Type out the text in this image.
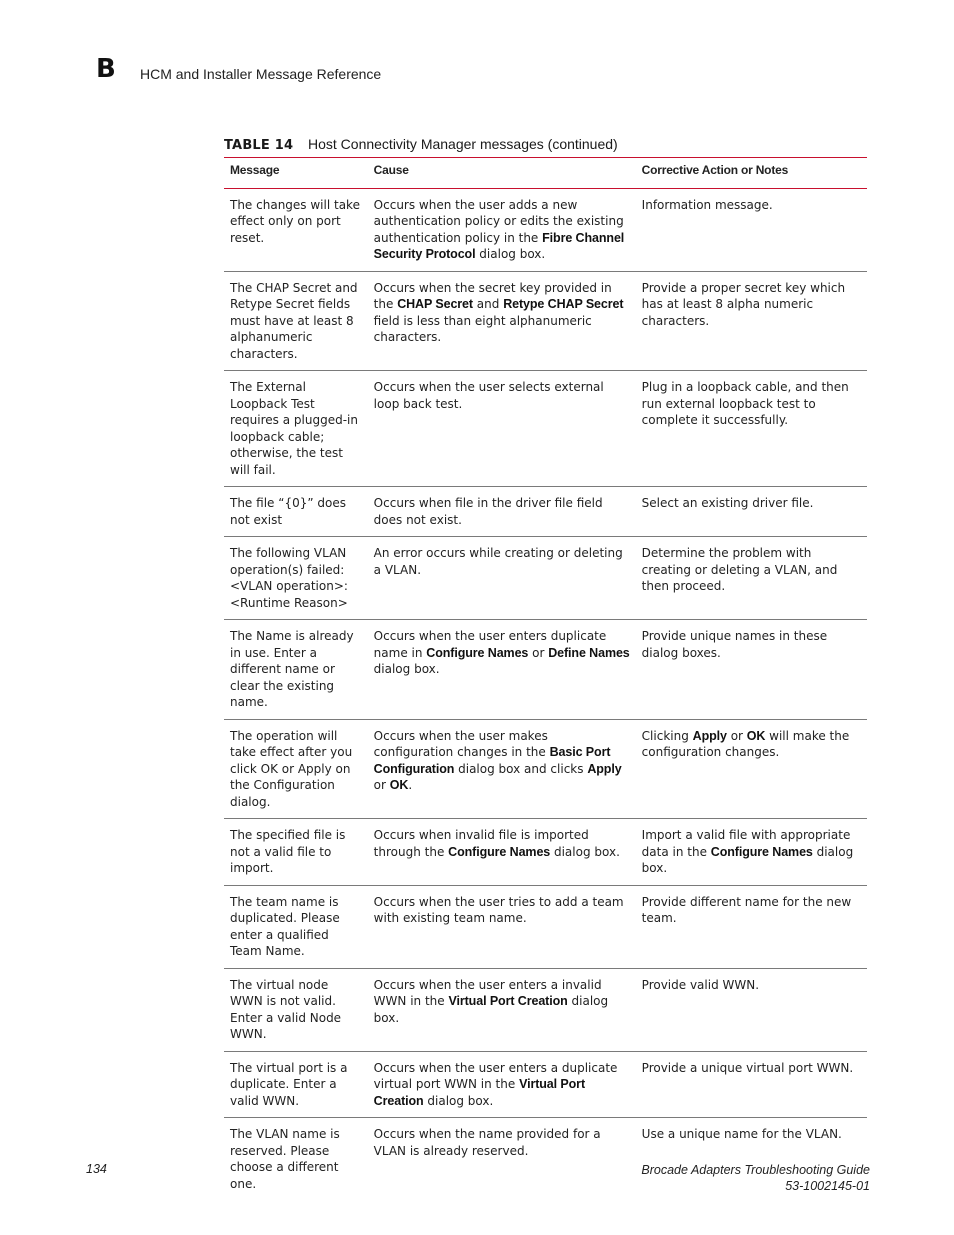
B HCM and Installer Message Reference
TABLE 14 Host Connectivity Manager messages (continued)
Message	Cause	Corrective Action or Notes
The changes will take effect only on port reset.	Occurs when the user adds a new authentication policy or edits the existing authentication policy in the Fibre Channel Security Protocol dialog box.	Information message.
The CHAP Secret and Retype Secret fields must have at least 8 alphanumeric characters.	Occurs when the secret key provided in the CHAP Secret and Retype CHAP Secret field is less than eight alphanumeric characters.	Provide a proper secret key which has at least 8 alpha numeric characters.
The External Loopback Test requires a plugged-in loopback cable; otherwise, the test will fail.	Occurs when the user selects external loop back test.	Plug in a loopback cable, and then run external loopback test to complete it successfully.
The file “{0}” does not exist	Occurs when file in the driver file field does not exist.	Select an existing driver file.
The following VLAN operation(s) failed: <VLAN operation>:<Runtime Reason>	An error occurs while creating or deleting a VLAN.	Determine the problem with creating or deleting a VLAN, and then proceed.
The Name is already in use. Enter a different name or clear the existing name.	Occurs when the user enters duplicate name in Configure Names or Define Names dialog box.	Provide unique names in these dialog boxes.
The operation will take effect after you click OK or Apply on the Configuration dialog.	Occurs when the user makes configuration changes in the Basic Port Configuration dialog box and clicks Apply or OK.	Clicking Apply or OK will make the configuration changes.
The specified file is not a valid file to import.	Occurs when invalid file is imported through the Configure Names dialog box.	Import a valid file with appropriate data in the Configure Names dialog box.
The team name is duplicated. Please enter a qualified Team Name.	Occurs when the user tries to add a team with existing team name.	Provide different name for the new team.
The virtual node WWN is not valid. Enter a valid Node WWN.	Occurs when the user enters a invalid WWN in the Virtual Port Creation dialog box.	Provide valid WWN.
The virtual port is a duplicate. Enter a valid WWN.	Occurs when the user enters a duplicate virtual port WWN in the Virtual Port Creation dialog box.	Provide a unique virtual port WWN.
The VLAN name is reserved. Please choose a different one.	Occurs when the name provided for a VLAN is already reserved.	Use a unique name for the VLAN.
134	Brocade Adapters Troubleshooting Guide
53-1002145-01
